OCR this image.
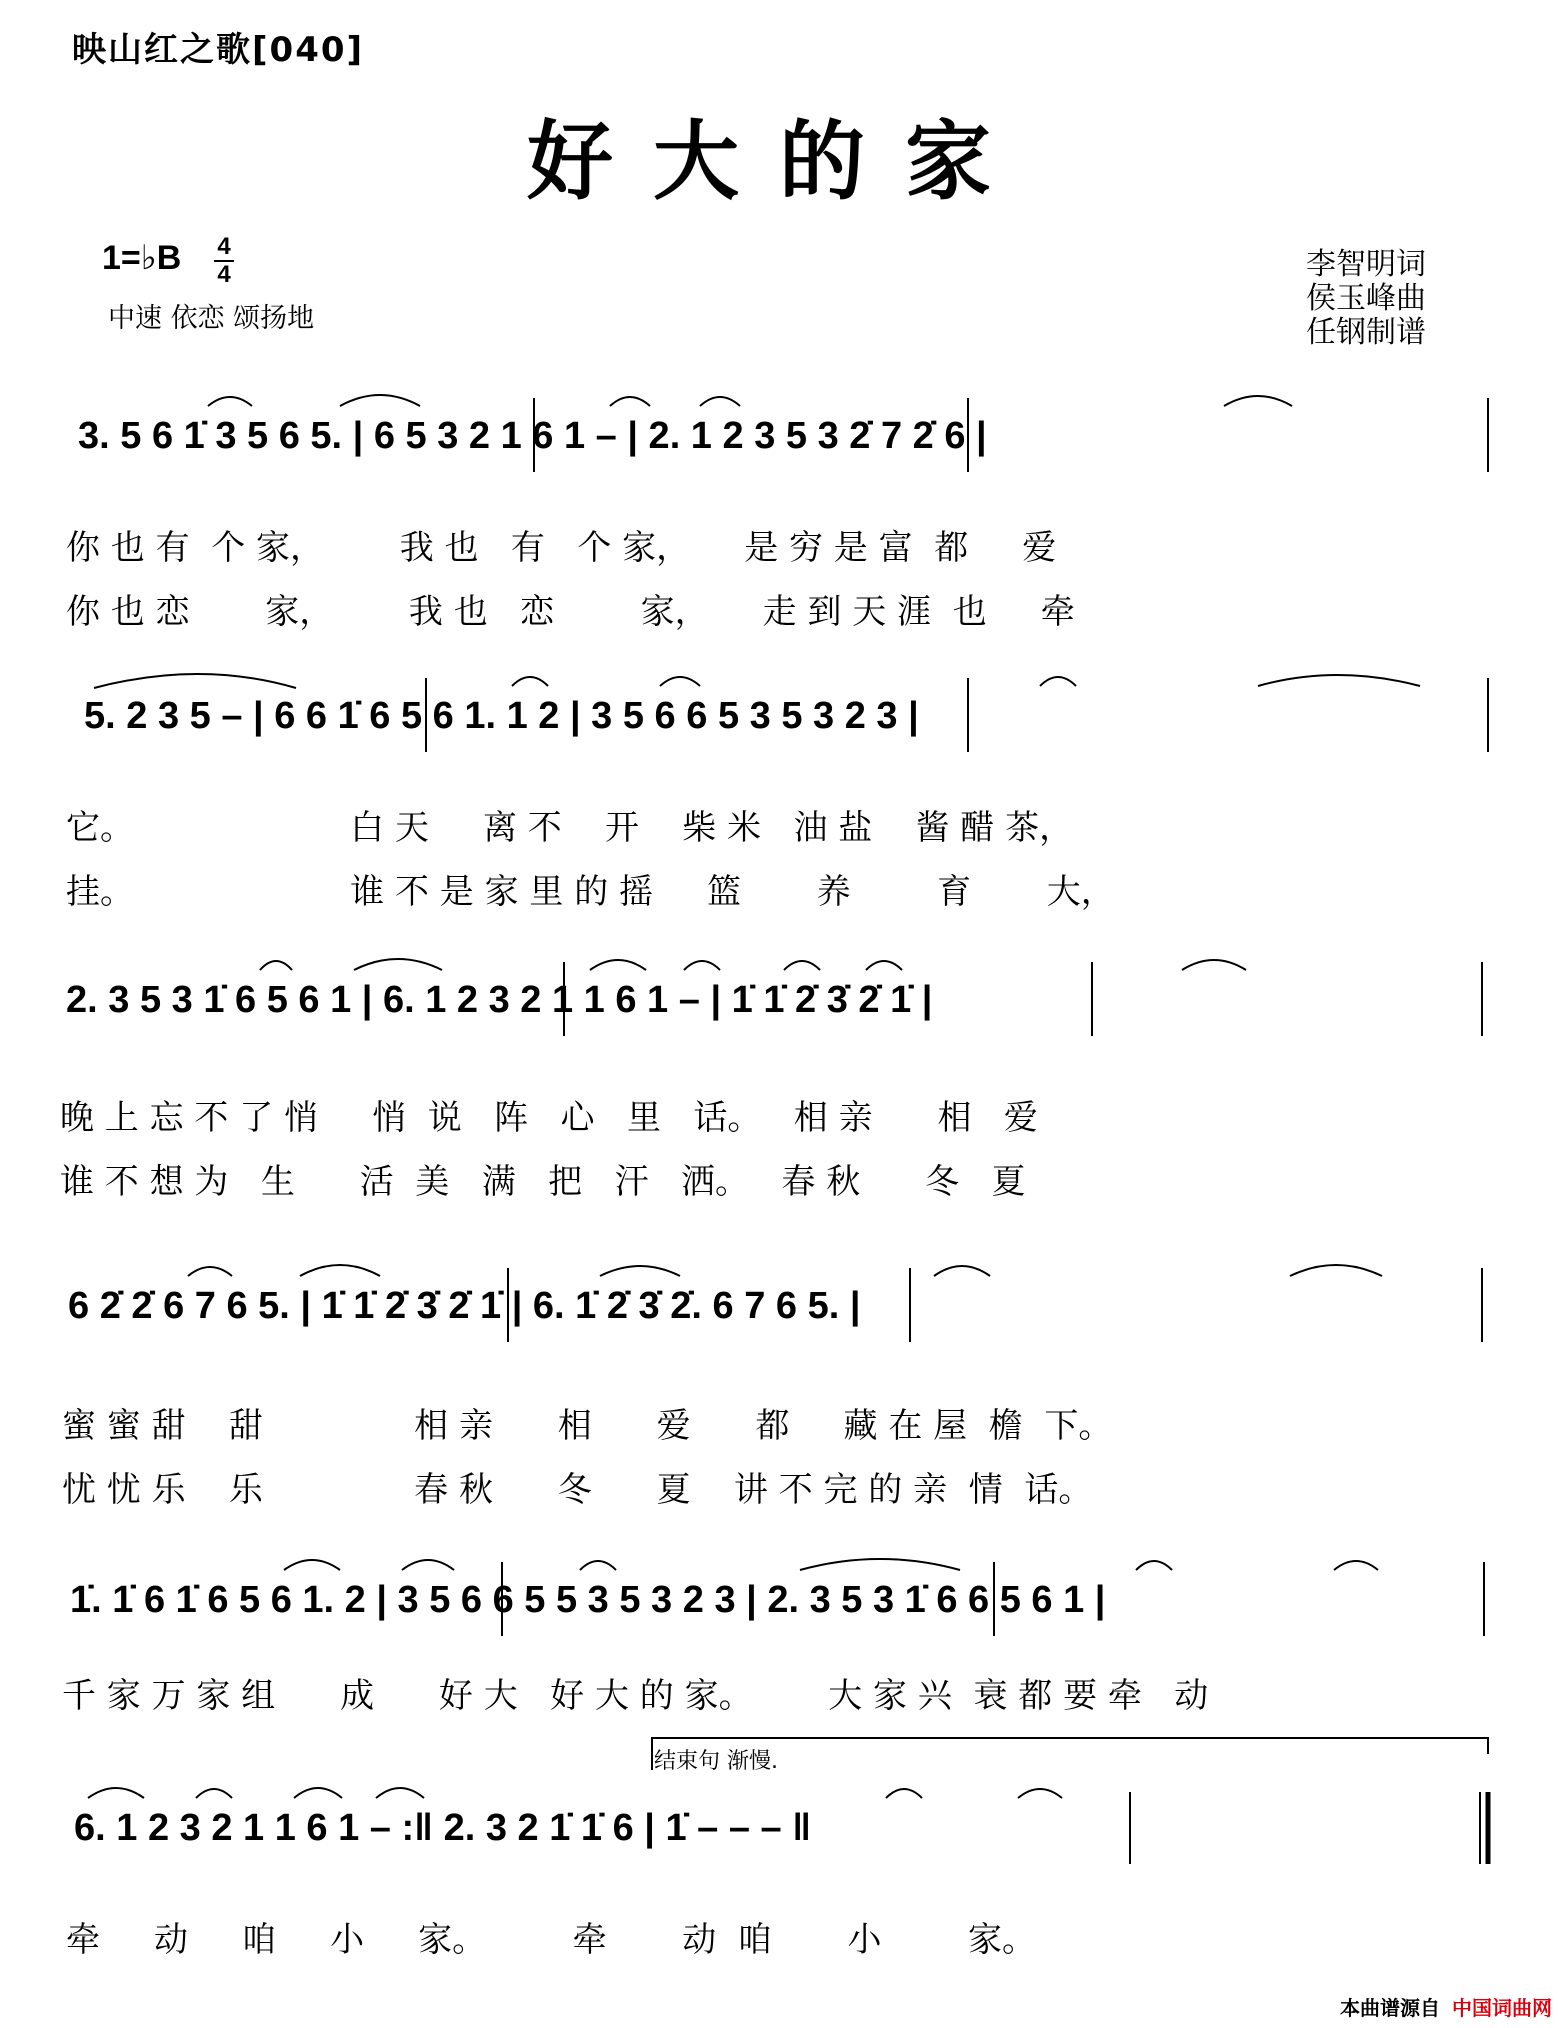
映山红之歌[040]
好大的家
1=♭B 4
4
中速 依恋 颂扬地
李智明词
侯玉峰曲
任钢制谱
3. 5 6 1̇ 3 5 6 5. | 6 5 3 2 1 6 1 – | 2. 1 2 3 5 3 2̇ 7 2̇ 6 |
你 也 有  个 家，       我 也   有   个 家，     是 穷 是 富  都     爱
你 也 恋       家，       我 也   恋        家，     走 到 天 涯  也     牵
5. 2 3 5 – | 6 6 1̇ 6 5 6 1. 1 2 | 3 5 6 6 5 3 5 3 2 3 |
它。                    白 天     离 不    开    柴 米   油 盐    酱 醋 茶，
挂。                    谁 不 是 家 里 的 摇     篮       养        育       大，
2. 3 5 3 1̇ 6 5 6 1 | 6. 1 2 3 2 1 1 6 1 – | 1̇ 1̇ 2̇ 3̇ 2̇ 1̇ |
晚 上 忘 不 了 悄     悄  说   阵   心   里   话。   相 亲      相   爱
谁 不 想 为   生      活  美   满   把   汗   洒。   春 秋      冬   夏
6 2̇ 2̇ 6 7 6 5. | 1̇ 1̇ 2̇ 3̇ 2̇ 1̇ | 6. 1̇ 2̇ 3̇ 2̇. 6 7 6 5. |
蜜 蜜 甜    甜              相 亲      相      爱      都     藏 在 屋  檐  下。
忧 忧 乐    乐              春 秋      冬      夏    讲 不 完 的 亲  情  话。
1̇. 1̇ 6 1̇ 6 5 6 1. 2 | 3 5 6 6 5 5 3 5 3 2 3 | 2. 3 5 3 1̇ 6 6 5 6 1 |
千 家 万 家 组      成      好 大   好 大 的 家。       大 家 兴  衰 都 要 牵   动
结束句 渐慢.
6. 1 2 3 2 1 1 6 1 – :‖ 2. 3 2 1̇ 1̇ 6 | 1̇ – – – ‖
牵     动     咱     小     家。        牵       动  咱       小        家。
本曲谱源自 中国词曲网
